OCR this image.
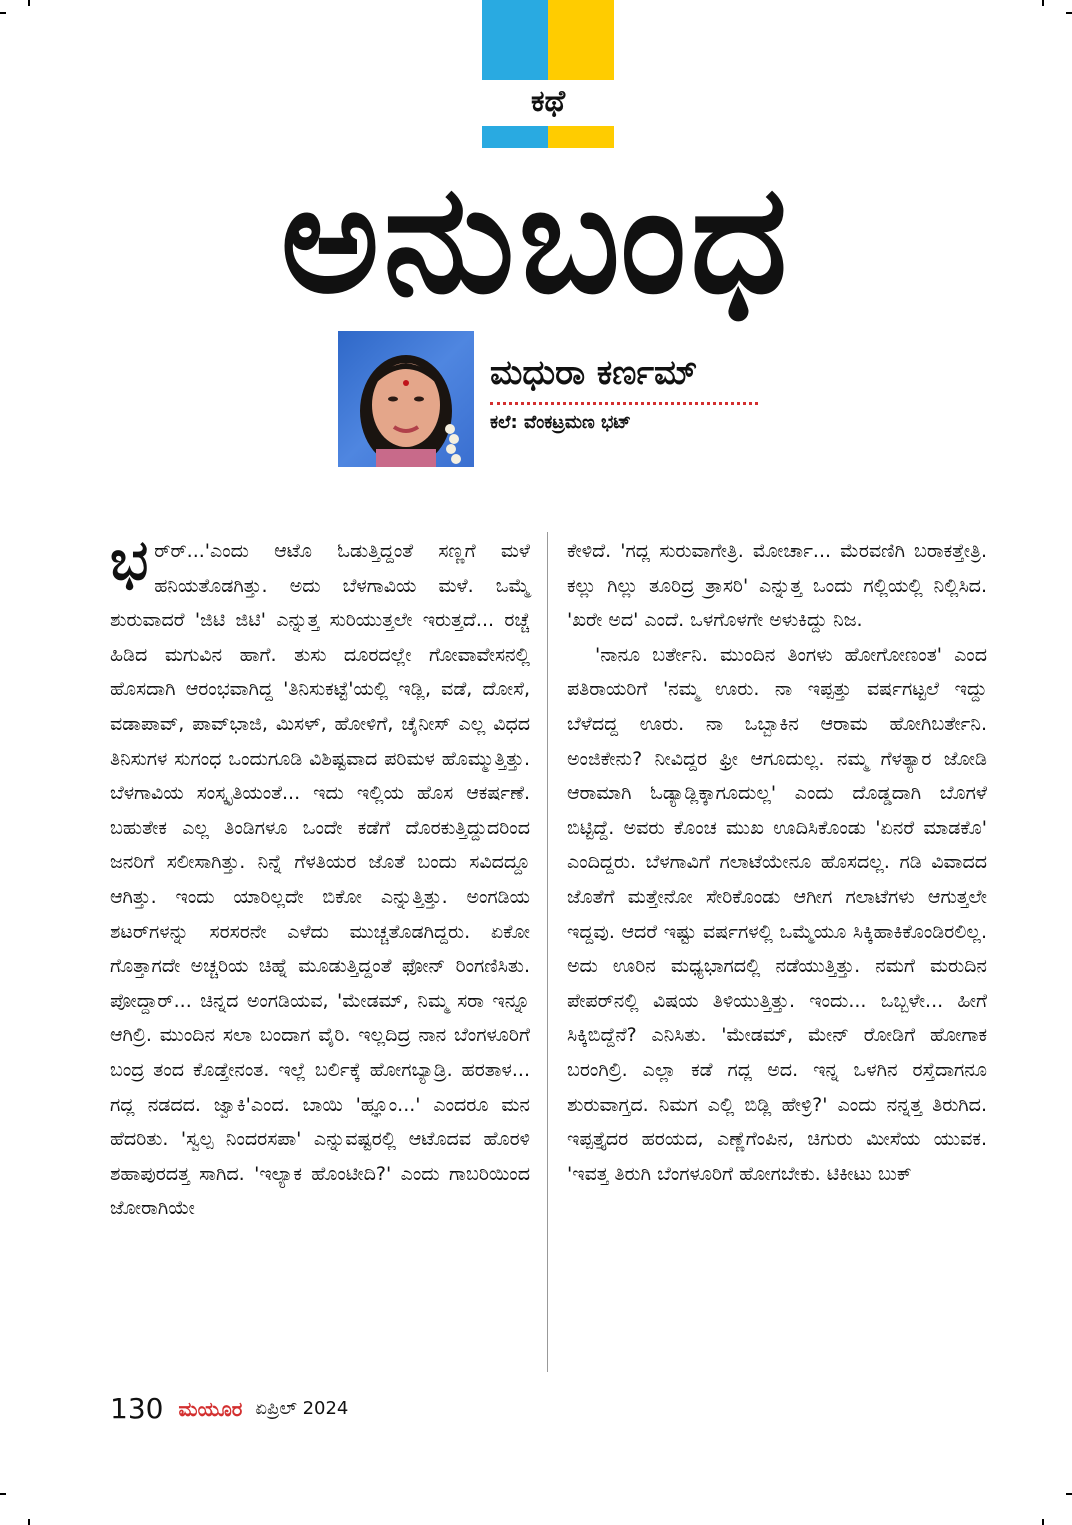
ಕಥೆ
ಅನುಬಂಧ
ಮಧುರಾ ಕರ್ಣಮ್
ಕಲೆ: ವೆಂಕಟ್ರಮಣ ಭಟ್

ಭರ್‌ರ್...'ಎಂದು ಆಟೊ ಓಡುತ್ತಿದ್ದಂತೆ ಸಣ್ಣಗೆ ಮಳೆ ಹನಿಯತೊಡಗಿತ್ತು. ಅದು ಬೆಳಗಾವಿಯ ಮಳೆ. ಒಮ್ಮೆ ಶುರುವಾದರೆ 'ಜಿಟಿ ಜಿಟಿ' ಎನ್ನುತ್ತ ಸುರಿಯುತ್ತಲೇ ಇರುತ್ತದೆ... ರಚ್ಚೆ ಹಿಡಿದ ಮಗುವಿನ ಹಾಗೆ. ತುಸು ದೂರದಲ್ಲೇ ಗೋವಾವೇಸನಲ್ಲಿ ಹೊಸದಾಗಿ ಆರಂಭವಾಗಿದ್ದ 'ತಿನಿಸುಕಟ್ಟೆ'ಯಲ್ಲಿ ಇಡ್ಲಿ, ವಡೆ, ದೋಸೆ, ವಡಾಪಾವ್, ಪಾವ್‌ಭಾಜಿ, ಮಿಸಳ್, ಹೋಳಿಗೆ, ಚೈನೀಸ್ ಎಲ್ಲ ವಿಧದ ತಿನಿಸುಗಳ ಸುಗಂಧ ಒಂದುಗೂಡಿ ವಿಶಿಷ್ಟವಾದ ಪರಿಮಳ ಹೊಮ್ಮುತ್ತಿತ್ತು. ಬೆಳಗಾವಿಯ ಸಂಸ್ಕೃತಿಯಂತೆ... ಇದು ಇಲ್ಲಿಯ ಹೊಸ ಆಕರ್ಷಣೆ. ಬಹುತೇಕ ಎಲ್ಲ ತಿಂಡಿಗಳೂ ಒಂದೇ ಕಡೆಗೆ ದೊರಕುತ್ತಿದ್ದುದರಿಂದ ಜನರಿಗೆ ಸಲೀಸಾಗಿತ್ತು. ನಿನ್ನೆ ಗೆಳತಿಯರ ಜೊತೆ ಬಂದು ಸವಿದದ್ದೂ ಆಗಿತ್ತು. ಇಂದು ಯಾರಿಲ್ಲದೇ ಬಿಕೋ ಎನ್ನುತ್ತಿತ್ತು. ಅಂಗಡಿಯ ಶಟರ್‌ಗಳನ್ನು ಸರಸರನೇ ಎಳೆದು ಮುಚ್ಚತೊಡಗಿದ್ದರು. ಏಕೋ ಗೊತ್ತಾಗದೇ ಅಚ್ಚರಿಯ ಚಿಹ್ನೆ ಮೂಡುತ್ತಿದ್ದಂತೆ ಫೋನ್ ರಿಂಗಣಿಸಿತು. ಪೋದ್ದಾರ್... ಚಿನ್ನದ ಅಂಗಡಿಯವ, 'ಮೇಡಮ್, ನಿಮ್ಮ ಸರಾ ಇನ್ನೂ ಆಗಿಲ್ರಿ. ಮುಂದಿನ ಸಲಾ ಬಂದಾಗ ವೈರಿ. ಇಲ್ಲದಿದ್ರ ನಾನ ಬೆಂಗಳೂರಿಗೆ ಬಂದ್ರ ತಂದ ಕೊಡ್ತೇನಂತ. ಇಲ್ಲೆ ಬರ್ಲಿಕ್ಕೆ ಹೋಗಬ್ಯಾಡ್ರಿ. ಹರತಾಳ... ಗದ್ಲ ನಡದದ. ಜ್ವಾಕಿ'ಎಂದ. ಬಾಯಿ 'ಹ್ಞೂಂ...' ಎಂದರೂ ಮನ ಹೆದರಿತು. 'ಸ್ವಲ್ಪ ನಿಂದರಸಪಾ' ಎನ್ನುವಷ್ಟರಲ್ಲಿ ಆಟೊದವ ಹೊರಳಿ ಶಹಾಪುರದತ್ತ ಸಾಗಿದ. 'ಇಲ್ಯಾಕ ಹೊಂಟೀದಿ?' ಎಂದು ಗಾಬರಿಯಿಂದ ಜೋರಾಗಿಯೇ

ಕೇಳಿದೆ. 'ಗದ್ಲ ಸುರುವಾಗೇತ್ರಿ. ಮೋರ್ಚಾ... ಮೆರವಣಿಗಿ ಬರಾಕತ್ತೇತ್ರಿ. ಕಲ್ಲು ಗಿಲ್ಲು ತೂರಿದ್ರ ತ್ರಾಸರಿ' ಎನ್ನುತ್ತ ಒಂದು ಗಲ್ಲಿಯಲ್ಲಿ ನಿಲ್ಲಿಸಿದ. 'ಖರೇ ಅದ' ಎಂದೆ. ಒಳಗೊಳಗೇ ಅಳುಕಿದ್ದು ನಿಜ.

'ನಾನೂ ಬರ್ತೇನಿ. ಮುಂದಿನ ತಿಂಗಳು ಹೋಗೋಣಂತ' ಎಂದ ಪತಿರಾಯರಿಗೆ 'ನಮ್ಮ ಊರು. ನಾ ಇಪ್ಪತ್ತು ವರ್ಷಗಟ್ಟಲೆ ಇದ್ದು ಬೆಳೆದದ್ದ ಊರು. ನಾ ಒಬ್ಬಾಕಿನ ಆರಾಮ ಹೋಗಿಬರ್ತೇನಿ. ಅಂಜಿಕೇನು? ನೀವಿದ್ದರ ಫ್ರೀ ಆಗೂದುಲ್ಲ. ನಮ್ಮ ಗೆಳತ್ಯಾರ ಜೋಡಿ ಆರಾಮಾಗಿ ಓಡ್ಯಾಡ್ಲಿಕ್ಕಾಗೂದುಲ್ಲ' ಎಂದು ದೊಡ್ಡದಾಗಿ ಬೊಗಳೆ ಬಿಟ್ಟಿದ್ದೆ. ಅವರು ಕೊಂಚ ಮುಖ ಊದಿಸಿಕೊಂಡು 'ಏನರೆ ಮಾಡಕೊ' ಎಂದಿದ್ದರು. ಬೆಳಗಾವಿಗೆ ಗಲಾಟೆಯೇನೂ ಹೊಸದಲ್ಲ. ಗಡಿ ವಿವಾದದ ಜೊತೆಗೆ ಮತ್ತೇನೋ ಸೇರಿಕೊಂಡು ಆಗೀಗ ಗಲಾಟೆಗಳು ಆಗುತ್ತಲೇ ಇದ್ದವು. ಆದರೆ ಇಷ್ಟು ವರ್ಷಗಳಲ್ಲಿ ಒಮ್ಮೆಯೂ ಸಿಕ್ಕಿಹಾಕಿಕೊಂಡಿರಲಿಲ್ಲ. ಅದು ಊರಿನ ಮಧ್ಯಭಾಗದಲ್ಲಿ ನಡೆಯುತ್ತಿತ್ತು. ನಮಗೆ ಮರುದಿನ ಪೇಪರ್‌ನಲ್ಲಿ ವಿಷಯ ತಿಳಿಯುತ್ತಿತ್ತು. ಇಂದು... ಒಬ್ಬಳೇ... ಹೀಗೆ ಸಿಕ್ಕಿಬಿದ್ದೆನೆ? ಎನಿಸಿತು. 'ಮೇಡಮ್, ಮೇನ್ ರೋಡಿಗೆ ಹೋಗಾಕ ಬರಂಗಿಲ್ರಿ. ಎಲ್ಲಾ ಕಡೆ ಗದ್ಲ ಅದ. ಇನ್ನ ಒಳಗಿನ ರಸ್ತೆದಾಗನೂ ಶುರುವಾಗ್ತದ. ನಿಮಗ ಎಲ್ಲಿ ಬಿಡ್ಲಿ ಹೇಳ್ರಿ?' ಎಂದು ನನ್ನತ್ತ ತಿರುಗಿದ. ಇಪ್ಪತ್ತೈದರ ಹರಯದ, ಎಣ್ಣೆಗೆಂಪಿನ, ಚಿಗುರು ಮೀಸೆಯ ಯುವಕ. 'ಇವತ್ತ ತಿರುಗಿ ಬೆಂಗಳೂರಿಗೆ ಹೋಗಬೇಕು. ಟಿಕೀಟು ಬುಕ್

130 ಮಯೂರ ಏಪ್ರಿಲ್ 2024
